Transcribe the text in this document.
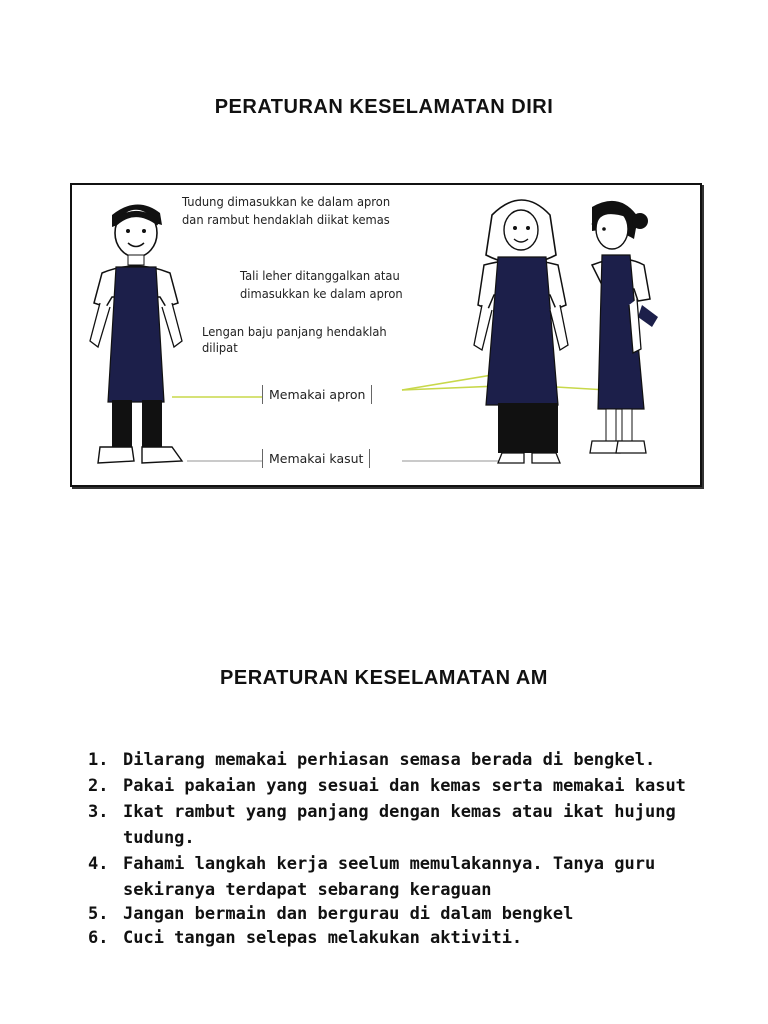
PERATURAN KESELAMATAN DIRI
Tudung dimasukkan ke dalam apron
dan rambut hendaklah diikat kemas
Tali leher ditanggalkan atau
dimasukkan ke dalam apron
Lengan baju panjang hendaklah
dilipat
Memakai apron
Memakai kasut
PERATURAN KESELAMATAN AM
1. Dilarang memakai perhiasan semasa berada di bengkel.
2. Pakai pakaian yang sesuai dan kemas serta memakai kasut
3. Ikat rambut yang panjang dengan kemas atau ikat hujung tudung.
4. Fahami langkah kerja seelum memulakannya. Tanya guru sekiranya terdapat sebarang keraguan
5. Jangan bermain dan bergurau di dalam bengkel
6. Cuci tangan selepas melakukan aktiviti.
